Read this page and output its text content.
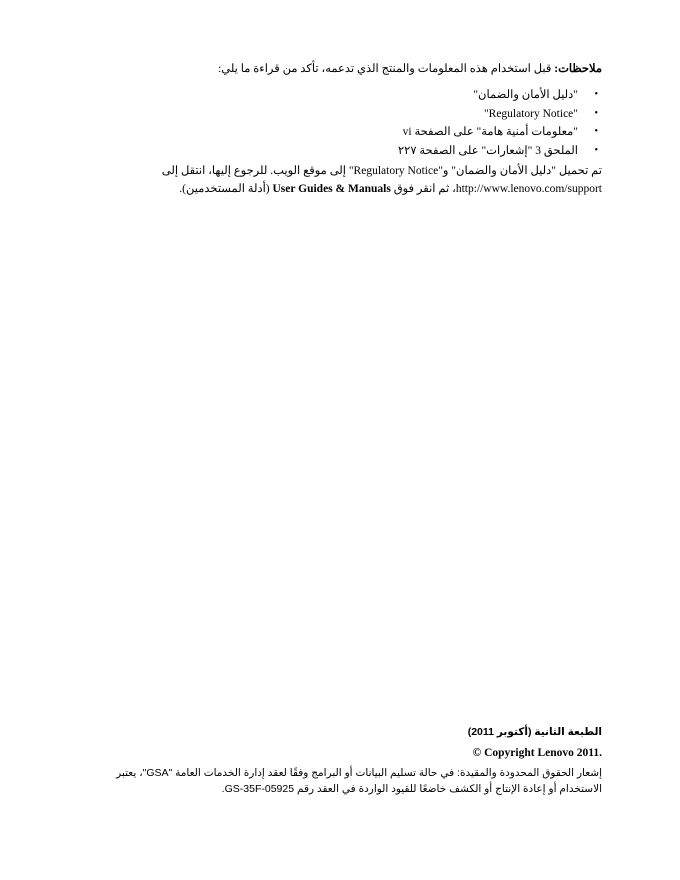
ملاحظات: قبل استخدام هذه المعلومات والمنتج الذي تدعمه، تأكد من قراءة ما يلي:

•
"دليل الأمان والضمان"
•
"Regulatory Notice"
•
"معلومات أمنية هامة" على الصفحة vi
•
الملحق 3 "إشعارات" على الصفحة ٢٢٧

تم تحميل "دليل الأمان والضمان" و"Regulatory Notice" إلى موقع الويب. للرجوع إليها، انتقل إلى http://www.lenovo.com/support، ثم انقر فوق User Guides & Manuals (أدلة المستخدمين).

الطبعة الثانية (أكتوبر 2011)

© Copyright Lenovo 2011.

إشعار الحقوق المحدودة والمقيدة: في حالة تسليم البيانات أو البرامج وفقًا لعقد إدارة الخدمات العامة "GSA"، يعتبر الاستخدام أو إعادة الإنتاج أو الكشف خاضعًا للقيود الواردة في العقد رقم GS-35F-05925.
